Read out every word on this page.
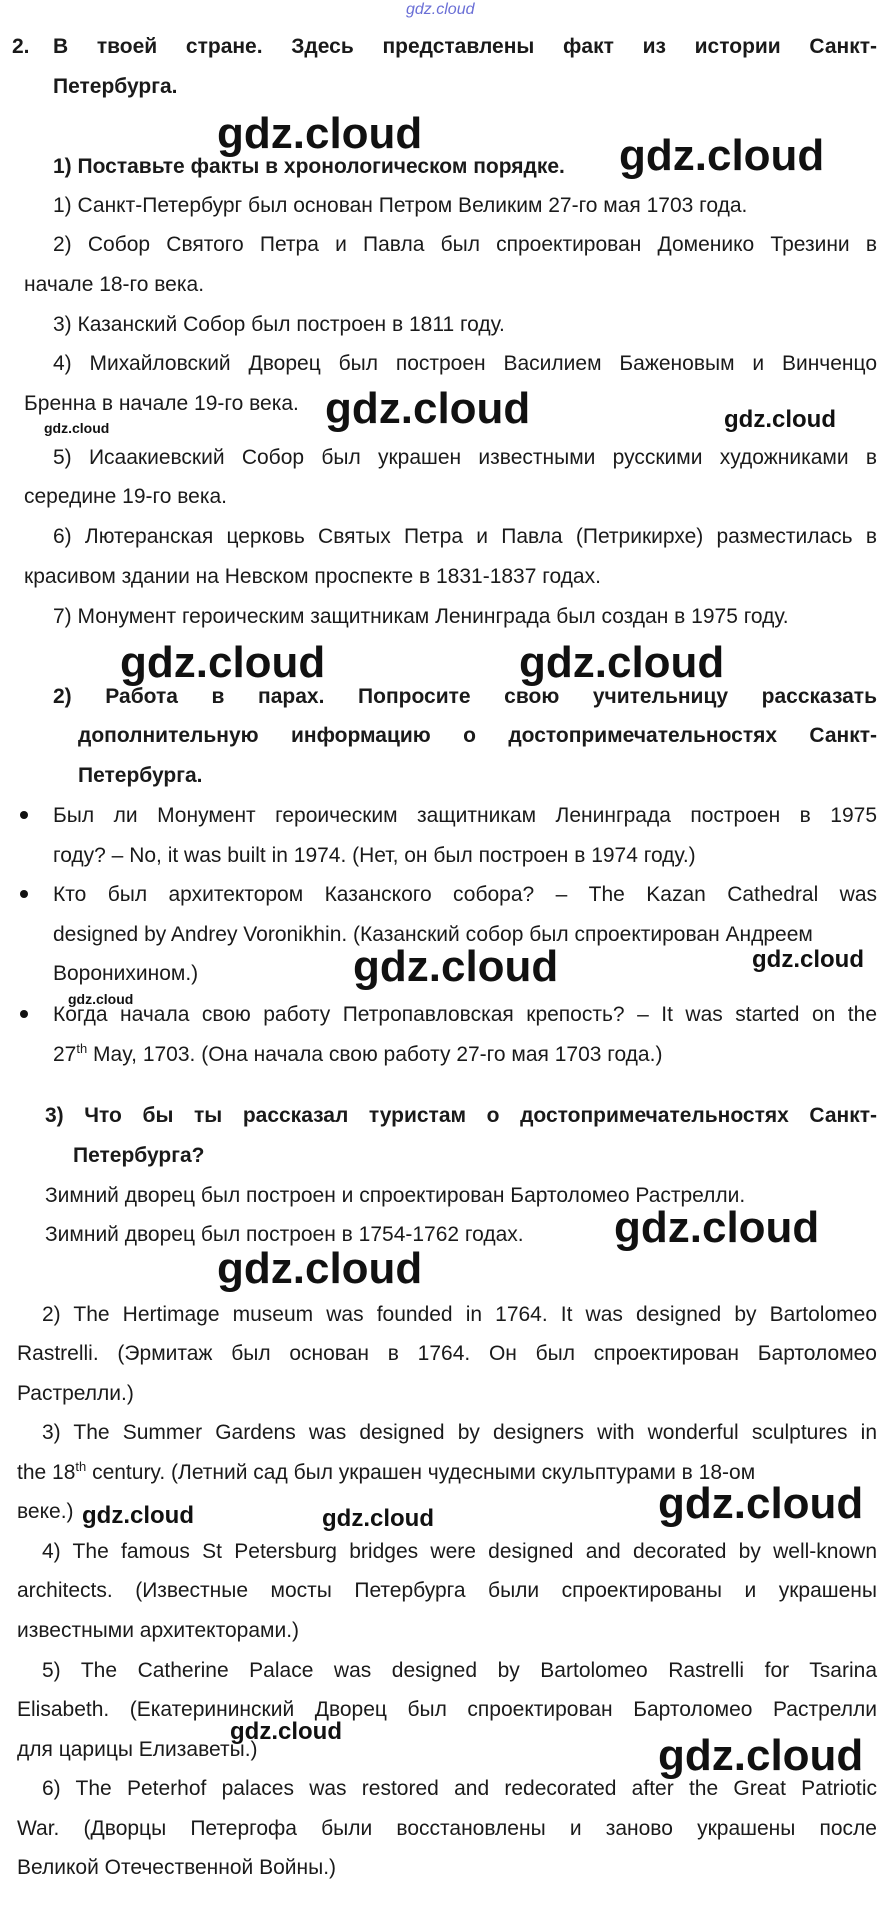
gdz.cloud
2. В твоей стране. Здесь представлены факт из истории Санкт-
Петербурга.
1) Поставьте факты в хронологическом порядке.
1) Санкт-Петербург был основан Петром Великим 27-го мая 1703 года.
2) Собор Святого Петра и Павла был спроектирован Доменико Трезини в
начале 18-го века.
3) Казанский Собор был построен в 1811 году.
4) Михайловский Дворец был построен Василием Баженовым и Винченцо
Бренна в начале 19-го века.
5) Исаакиевский Собор был украшен известными русскими художниками в
середине 19-го века.
6) Лютеранская церковь Святых Петра и Павла (Петрикирхе) разместилась в
красивом здании на Невском проспекте в 1831-1837 годах.
7) Монумент героическим защитникам Ленинграда был создан в 1975 году.
2) Работа в парах. Попросите свою учительницу рассказать
дополнительную информацию о достопримечательностях Санкт-
Петербурга.
Был ли Монумент героическим защитникам Ленинграда построен в 1975
году? – No, it was built in 1974. (Нет, он был построен в 1974 году.)
Кто был архитектором Казанского собора? – The Kazan Cathedral was
designed by Andrey Voronikhin. (Казанский собор был спроектирован Андреем
Воронихином.)
Когда начала свою работу Петропавловская крепость? – It was started on the
27th May, 1703. (Она начала свою работу 27-го мая 1703 года.)
3) Что бы ты рассказал туристам о достопримечательностях Санкт-
Петербурга?
Зимний дворец был построен и спроектирован Бартоломео Растрелли.
Зимний дворец был построен в 1754-1762 годах.
2) The Hertimage museum was founded in 1764. It was designed by Bartolomeo
Rastrelli. (Эрмитаж был основан в 1764. Он был спроектирован Бартоломео
Растрелли.)
3) The Summer Gardens was designed by designers with wonderful sculptures in
the 18th century. (Летний сад был украшен чудесными скульптурами в 18-ом
веке.)
4) The famous St Petersburg bridges were designed and decorated by well-known
architects. (Известные мосты Петербурга были спроектированы и украшены
известными архитекторами.)
5) The Catherine Palace was designed by Bartolomeo Rastrelli for Tsarina
Elisabeth. (Екатерининский Дворец был спроектирован Бартоломео Растрелли
для царицы Елизаветы.)
6) The Peterhof palaces was restored and redecorated after the Great Patriotic
War. (Дворцы Петергофа были восстановлены и заново украшены после
Великой Отечественной Войны.)
gdz.cloud	gdz.cloud
gdz.cloud
gdz.cloud	gdz.cloud
gdz.cloud	gdz.cloud
gdz.cloud	gdz.cloud
gdz.cloud
gdz.cloud
gdz.cloud
gdz.cloud	gdz.cloud	gdz.cloud
gdz.cloud	gdz.cloud
